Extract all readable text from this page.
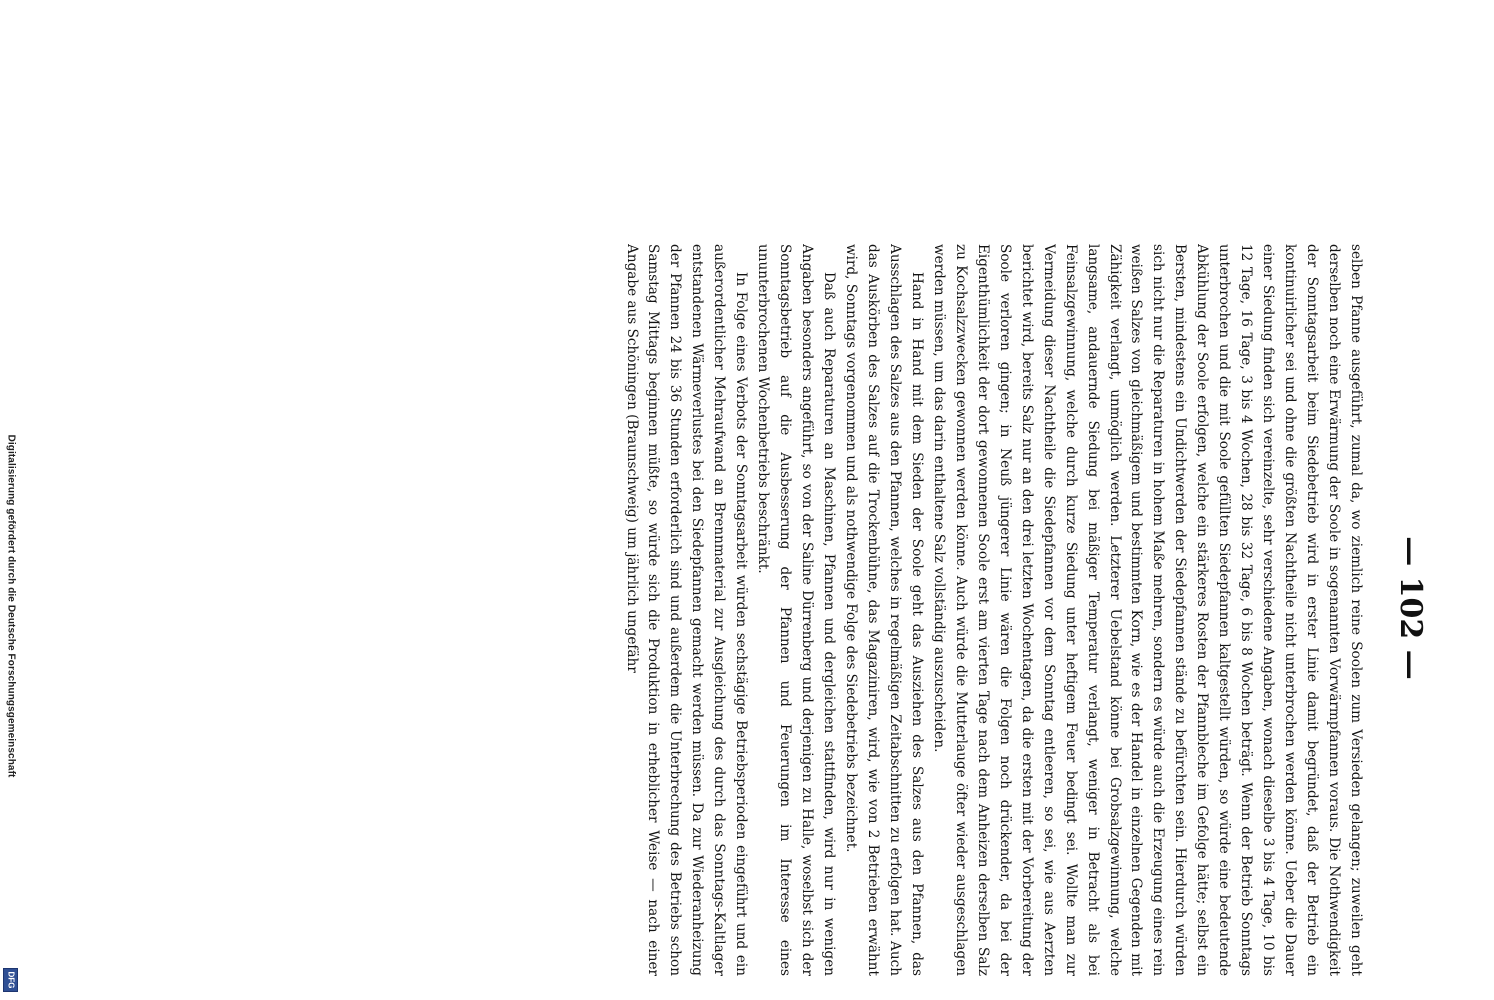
Digitalisierung gefördert durch die Deutsche Forschungsgemeinschaft
DFG
— 102 —

selben Pfanne ausgeführt, zumal da, wo ziemlich reine Soolen zum Versieden gelangen; zuweilen geht derselben noch eine Erwärmung der Soole in sogenannten Vorwärmpfannen voraus. Die Nothwendigkeit der Sonntagsarbeit beim Siedebetrieb wird in erster Linie damit begründet, daß der Betrieb ein kontinuirlicher sei und ohne die größten Nachtheile nicht unterbrochen werden könne. Ueber die Dauer einer Siedung finden sich vereinzelte, sehr verschiedene Angaben, wonach dieselbe 3 bis 4 Tage, 10 bis 12 Tage, 16 Tage, 3 bis 4 Wochen, 28 bis 32 Tage, 6 bis 8 Wochen beträgt. Wenn der Betrieb Sonntags unterbrochen und die mit Soole gefüllten Siedepfannen kaltgestellt würden, so würde eine bedeutende Abkühlung der Soole erfolgen, welche ein stärkeres Rosten der Pfannbleche im Gefolge hätte; selbst ein Bersten, mindestens ein Undichtwerden der Siedepfannen stände zu befürchten sein. Hierdurch würden sich nicht nur die Reparaturen in hohem Maße mehren, sondern es würde auch die Erzeugung eines rein weißen Salzes von gleichmäßigem und bestimmten Korn, wie es der Handel in einzelnen Gegenden mit Zähigkeit verlangt, unmöglich werden. Letzterer Uebelstand könne bei Grobsalzgewinnung, welche langsame, andauernde Siedung bei mäßiger Temperatur verlangt, weniger in Betracht als bei Feinsalzgewinnung, welche durch kurze Siedung unter heftigem Feuer bedingt sei. Wollte man zur Vermeidung dieser Nachtheile die Siedepfannen vor dem Sonntag entleeren, so sei, wie aus Aerzten berichtet wird, bereits Salz nur an den drei letzten Wochentagen, da die ersten mit der Vorbereitung der Soole verloren gingen; in Neuß jüngerer Linie wären die Folgen noch drückender, da bei der Eigenthümlichkeit der dort gewonnenen Soole erst am vierten Tage nach dem Anheizen derselben Salz zu Kochsalzzwecken gewonnen werden könne. Auch würde die Mutterlauge öfter wieder ausgeschlagen werden müssen, um das darin enthaltene Salz vollständig auszuscheiden.

Hand in Hand mit dem Sieden der Soole geht das Ausziehen des Salzes aus den Pfannen, das Ausschlagen des Salzes aus den Pfannen, welches in regelmäßigen Zeitabschnitten zu erfolgen hat. Auch das Auskörben des Salzes auf die Trockenbühne, das Magaziniren, wird, wie von 2 Betrieben erwähnt wird, Sonntags vorgenommen und als nothwendige Folge des Siedebetriebs bezeichnet.

Daß auch Reparaturen an Maschinen, Pfannen und dergleichen stattfinden, wird nur in wenigen Angaben besonders angeführt, so von der Saline Dürrenberg und derjenigen zu Halle, woselbst sich der Sonntagsbetrieb auf die Ausbesserung der Pfannen und Feuerungen im Interesse eines ununterbrochenen Wochenbetriebs beschränkt.

In Folge eines Verbots der Sonntagsarbeit würden sechstägige Betriebsperioden eingeführt und ein außerordentlicher Mehraufwand an Brennmaterial zur Ausgleichung des durch das Sonntags-Kaltlager entstandenen Wärmeverlustes bei den Siedepfannen gemacht werden müssen. Da zur Wiederanheizung der Pfannen 24 bis 36 Stunden erforderlich sind und außerdem die Unterbrechung des Betriebs schon Samstag Mittags beginnen müßte, so würde sich die Produktion in erheblicher Weise — nach einer Angabe aus Schöningen (Braunschweig) um jährlich ungefähr
